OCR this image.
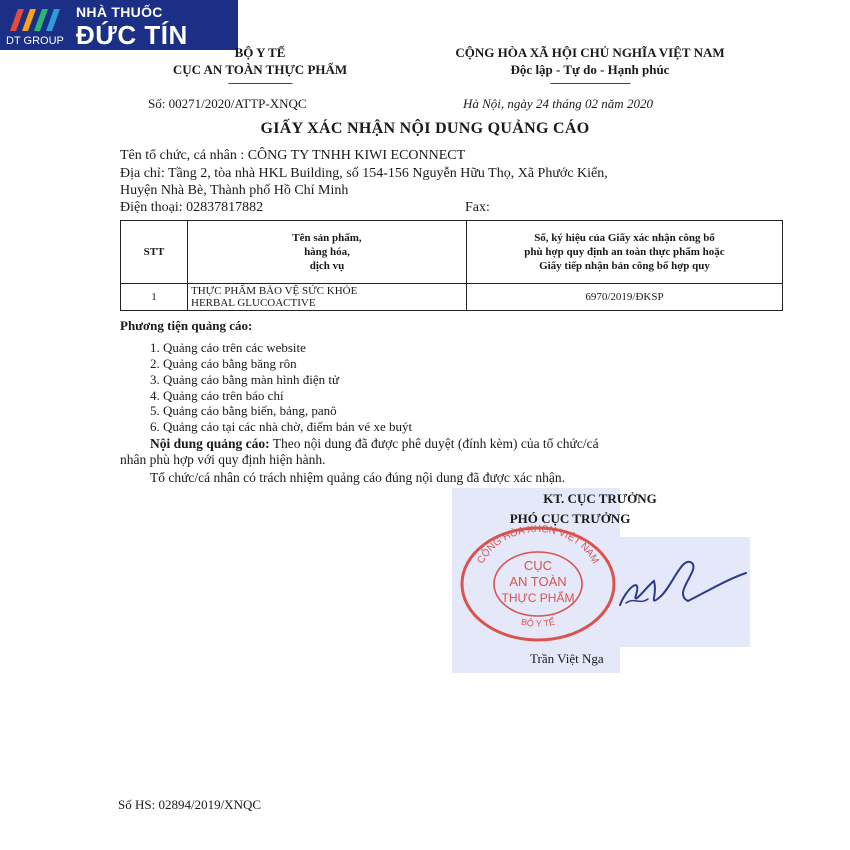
DT GROUP
NHÀ THUỐC
ĐỨC TÍN
BỘ Y TẾ
CỤC AN TOÀN THỰC PHẨM
------------------------
Số: 00271/2020/ATTP-XNQC
CỘNG HÒA XÃ HỘI CHỦ NGHĨA VIỆT NAM
Độc lập - Tự do - Hạnh phúc
------------------------------
Hà Nội, ngày 24 tháng 02 năm 2020
GIẤY XÁC NHẬN NỘI DUNG QUẢNG CÁO
Tên tổ chức, cá nhân : CÔNG TY TNHH KIWI ECONNECT
Địa chỉ: Tầng 2, tòa nhà HKL Building, số 154-156 Nguyễn Hữu Thọ, Xã Phước Kiển,
Huyện Nhà Bè, Thành phố Hồ Chí Minh
Điện thoại: 02837817882	Fax:
STT	Tên sản phẩm,
hàng hóa,
dịch vụ	Số, ký hiệu của Giấy xác nhận công bố
phù hợp quy định an toàn thực phẩm hoặc
Giấy tiếp nhận bản công bố hợp quy
1	THỰC PHẨM BẢO VỆ SỨC KHỎE
HERBAL GLUCOACTIVE	6970/2019/ĐKSP
Phương tiện quảng cáo:
1. Quảng cáo trên các website
2. Quảng cáo bằng băng rôn
3. Quảng cáo bằng màn hình điện tử
4. Quảng cáo trên báo chí
5. Quảng cáo bằng biển, bảng, panô
6. Quảng cáo tại các nhà chờ, điểm bán vé xe buýt
Nội dung quảng cáo: Theo nội dung đã được phê duyệt (đính kèm) của tổ chức/cá
nhân phù hợp với quy định hiện hành.
Tổ chức/cá nhân có trách nhiệm quảng cáo đúng nội dung đã được xác nhận.
KT. CỤC TRƯỞNG
PHÓ CỤC TRƯỞNG
CỘNG HÒA XHCN VIỆT NAM
BỘ Y TẾ
CỤC
AN TOÀN
THỰC PHẨM
Trần Việt Nga
Số HS: 02894/2019/XNQC
